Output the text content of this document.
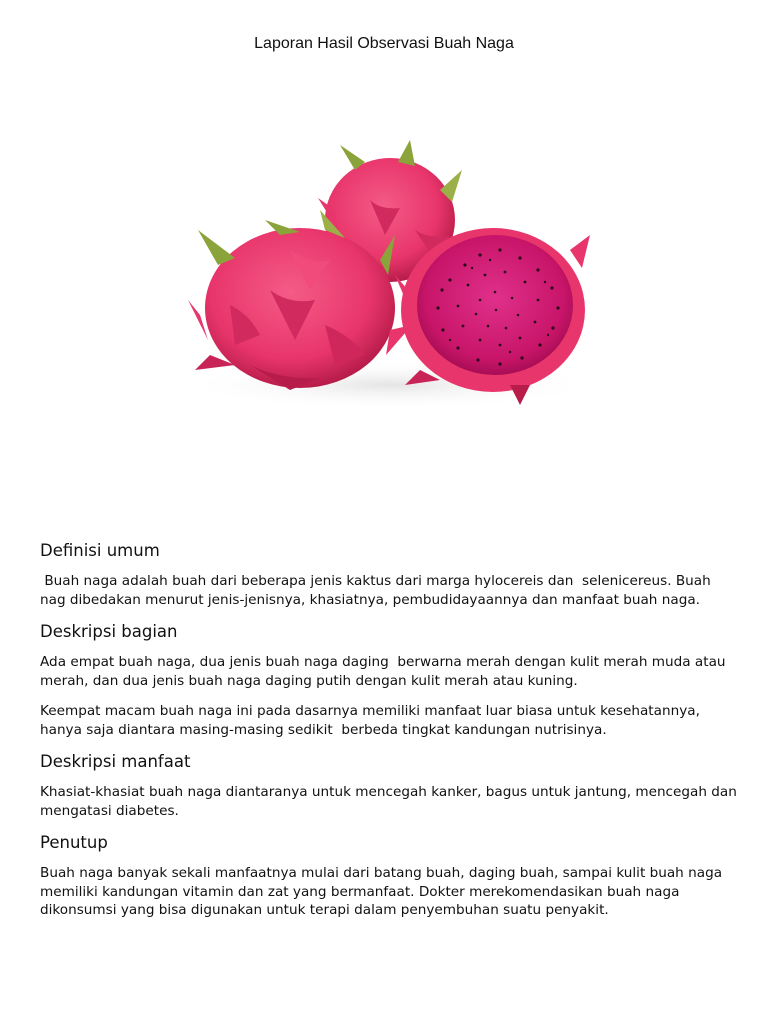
Laporan Hasil Observasi Buah Naga
Definisi umum
Buah naga adalah buah dari beberapa jenis kaktus dari marga hylocereis dan  selenicereus. Buah nag dibedakan menurut jenis-jenisnya, khasiatnya, pembudidayaannya dan manfaat buah naga.
Deskripsi bagian
Ada empat buah naga, dua jenis buah naga daging  berwarna merah dengan kulit merah muda atau merah, dan dua jenis buah naga daging putih dengan kulit merah atau kuning.
Keempat macam buah naga ini pada dasarnya memiliki manfaat luar biasa untuk kesehatannya, hanya saja diantara masing-masing sedikit  berbeda tingkat kandungan nutrisinya.
Deskripsi manfaat
Khasiat-khasiat buah naga diantaranya untuk mencegah kanker, bagus untuk jantung, mencegah dan mengatasi diabetes.
Penutup
Buah naga banyak sekali manfaatnya mulai dari batang buah, daging buah, sampai kulit buah naga memiliki kandungan vitamin dan zat yang bermanfaat. Dokter merekomendasikan buah naga dikonsumsi yang bisa digunakan untuk terapi dalam penyembuhan suatu penyakit.
